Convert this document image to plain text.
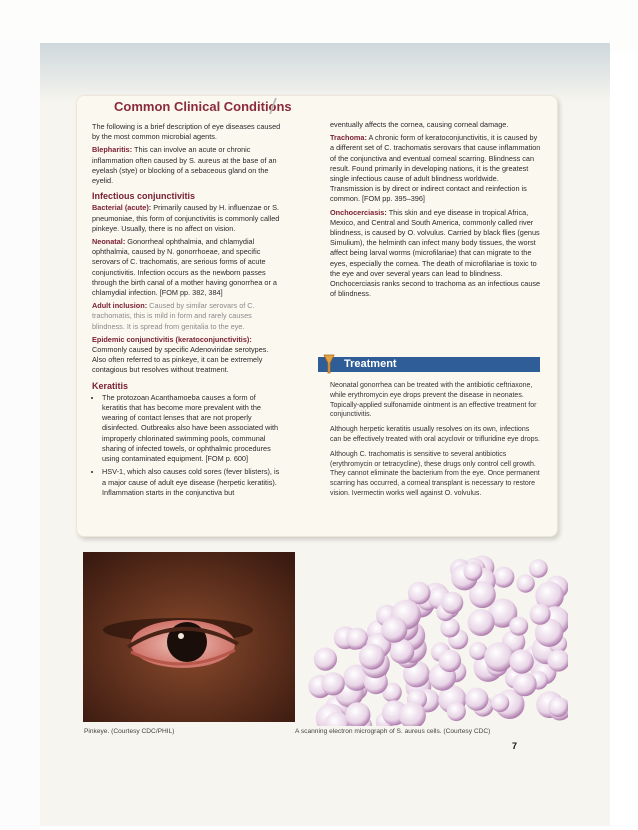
Common Clinical Conditions

The following is a brief description of eye diseases caused by the most common microbial agents.

Blepharitis: This can involve an acute or chronic inflammation often caused by S. aureus at the base of an eyelash (stye) or blocking of a sebaceous gland on the eyelid.

Infectious conjunctivitis

Bacterial (acute): Primarily caused by H. influenzae or S. pneumoniae, this form of conjunctivitis is commonly called pinkeye. Usually, there is no affect on vision.

Neonatal: Gonorrheal ophthalmia, and chlamydial ophthalmia, caused by N. gonorrhoeae, and specific serovars of C. trachomatis, are serious forms of acute conjunctivitis. Infection occurs as the newborn passes through the birth canal of a mother having gonorrhea or a chlamydial infection. [FOM pp. 382, 384]

Adult inclusion: Caused by similar serovars of C. trachomatis, this is mild in form and rarely causes blindness. It is spread from genitalia to the eye.

Epidemic conjunctivitis (keratoconjunctivitis): Commonly caused by specific Adenoviridae serotypes. Also often referred to as pinkeye, it can be extremely contagious but resolves without treatment.

Keratitis
• The protozoan Acanthamoeba causes a form of keratitis that has become more prevalent with the wearing of contact lenses that are not properly disinfected. Outbreaks also have been associated with improperly chlorinated swimming pools, communal sharing of infected towels, or ophthalmic procedures using contaminated equipment. [FOM p. 600]
• HSV-1, which also causes cold sores (fever blisters), is a major cause of adult eye disease (herpetic keratitis). Inflammation starts in the conjunctiva but

eventually affects the cornea, causing corneal damage.

Trachoma: A chronic form of keratoconjunctivitis, it is caused by a different set of C. trachomatis serovars that cause inflammation of the conjunctiva and eventual corneal scarring. Blindness can result. Found primarily in developing nations, it is the greatest single infectious cause of adult blindness worldwide. Transmission is by direct or indirect contact and reinfection is common. [FOM pp. 395–396]

Onchocerciasis: This skin and eye disease in tropical Africa, Mexico, and Central and South America, commonly called river blindness, is caused by O. volvulus. Carried by black flies (genus Simulium), the helminth can infect many body tissues, the worst affect being larval worms (microfilariae) that can migrate to the eyes, especially the cornea. The death of microfilariae is toxic to the eye and over several years can lead to blindness. Onchocerciasis ranks second to trachoma as an infectious cause of blindness.

Treatment

Neonatal gonorrhea can be treated with the antibiotic ceftriaxone, while erythromycin eye drops prevent the disease in neonates. Topically-applied sulfonamide ointment is an effective treatment for conjunctivitis.

Although herpetic keratitis usually resolves on its own, infections can be effectively treated with oral acyclovir or trifluridine eye drops.

Although C. trachomatis is sensitive to several antibiotics (erythromycin or tetracycline), these drugs only control cell growth. They cannot eliminate the bacterium from the eye. Once permanent scarring has occurred, a corneal transplant is necessary to restore vision. Ivermectin works well against O. volvulus.

Pinkeye. (Courtesy CDC/PHIL)	A scanning electron micrograph of S. aureus cells. (Courtesy CDC)
7
